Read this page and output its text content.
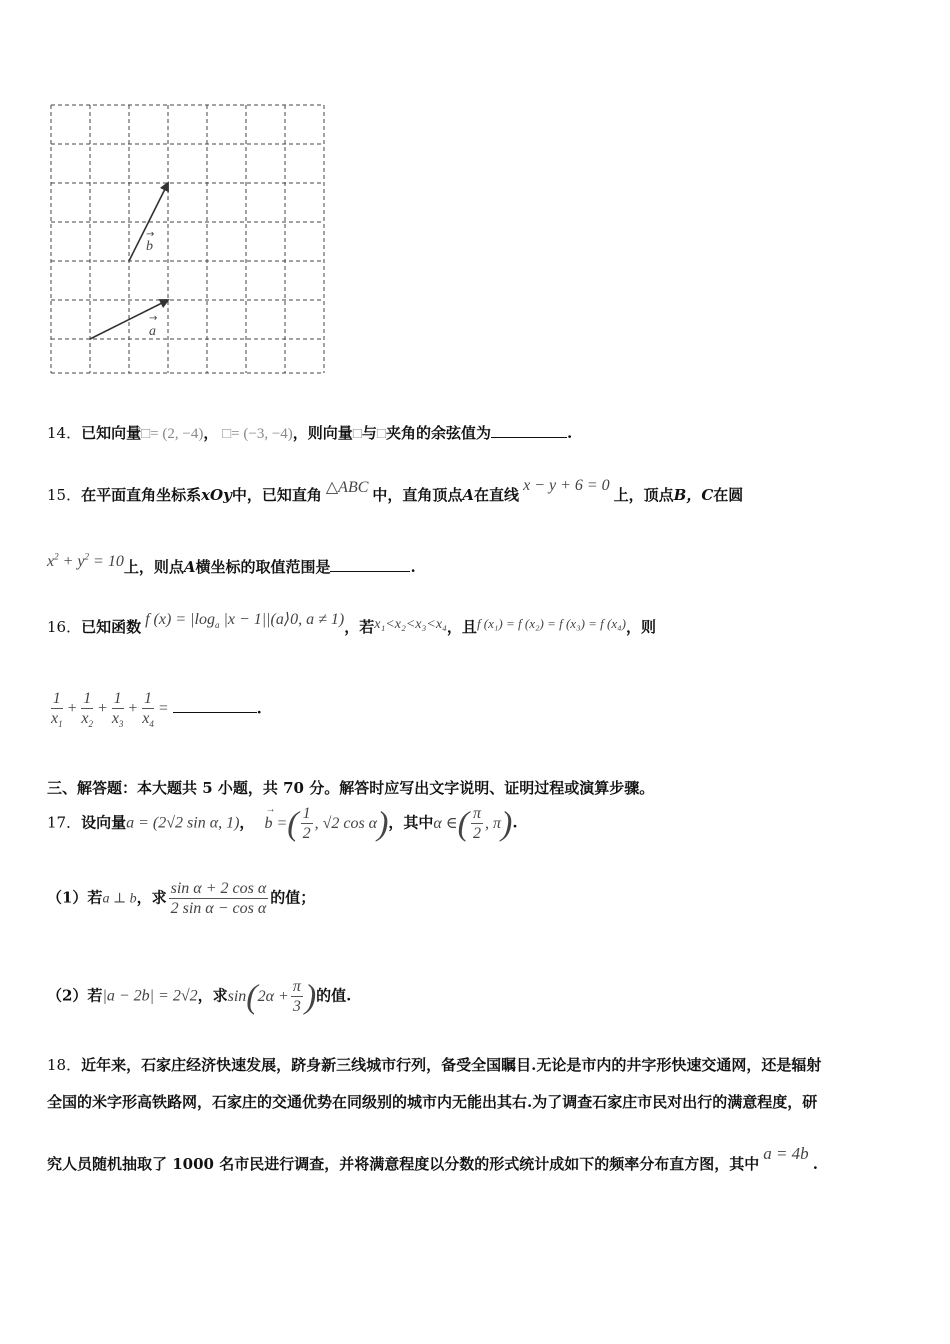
b
→
a
→
14．已知向量⃗□= (2, −4)， □= (−3, −4)，则向量□与□夹角的余弦值为	.
15．在平面直角坐标系xOy中，已知直角 △ABC 中，直角顶点A在直线x − y + 6 = 0上，顶点B，C在圆
$x^2 + y^2 = 10$上，则点A横坐标的取值范围是	.
16．已知函数 f $(x) = |\log_a$ |x − 1||(a⟩0, a ≠ 1)，若x₁<x₂<x₃<x₄，且f (x₁) = f (x₂) = f (x₃) = f (x₄)，则
$\frac{1}{x_1} + \frac{1}{x_2} + \frac{1}{x_3} + \frac{1}{x_4}$ =	.
三、解答题：本大题共 5 小题，共 70 分。解答时应写出文字说明、证明过程或演算步骤。
17．设向量a = (2√2 sin α, 1)，→ b =( $\frac{1}{2}$ , √2 cos α)，其中α ∈( $\frac{\pi}{2}$ , π).
（1）若a ⊥ b，求 $\frac{\text{sin α + 2 cos α}}{\text{2 sin α − cos α}}$ 的值；
（2）若|a − 2b| = 2√2，求$\sin(2\alpha + \frac{\pi}{3}$ )的值.
18．近年来，石家庄经济快速发展，跻身新三线城市行列，备受全国瞩目.无论是市内的井字形快速交通网，还是辐射
全国的米字形高铁路网，石家庄的交通优势在同级别的城市内无能出其右.为了调查石家庄市民对出行的满意程度，研
究人员随机抽取了 1000 名市民进行调查，并将满意程度以分数的形式统计成如下的频率分布直方图，其中a = 4b.
